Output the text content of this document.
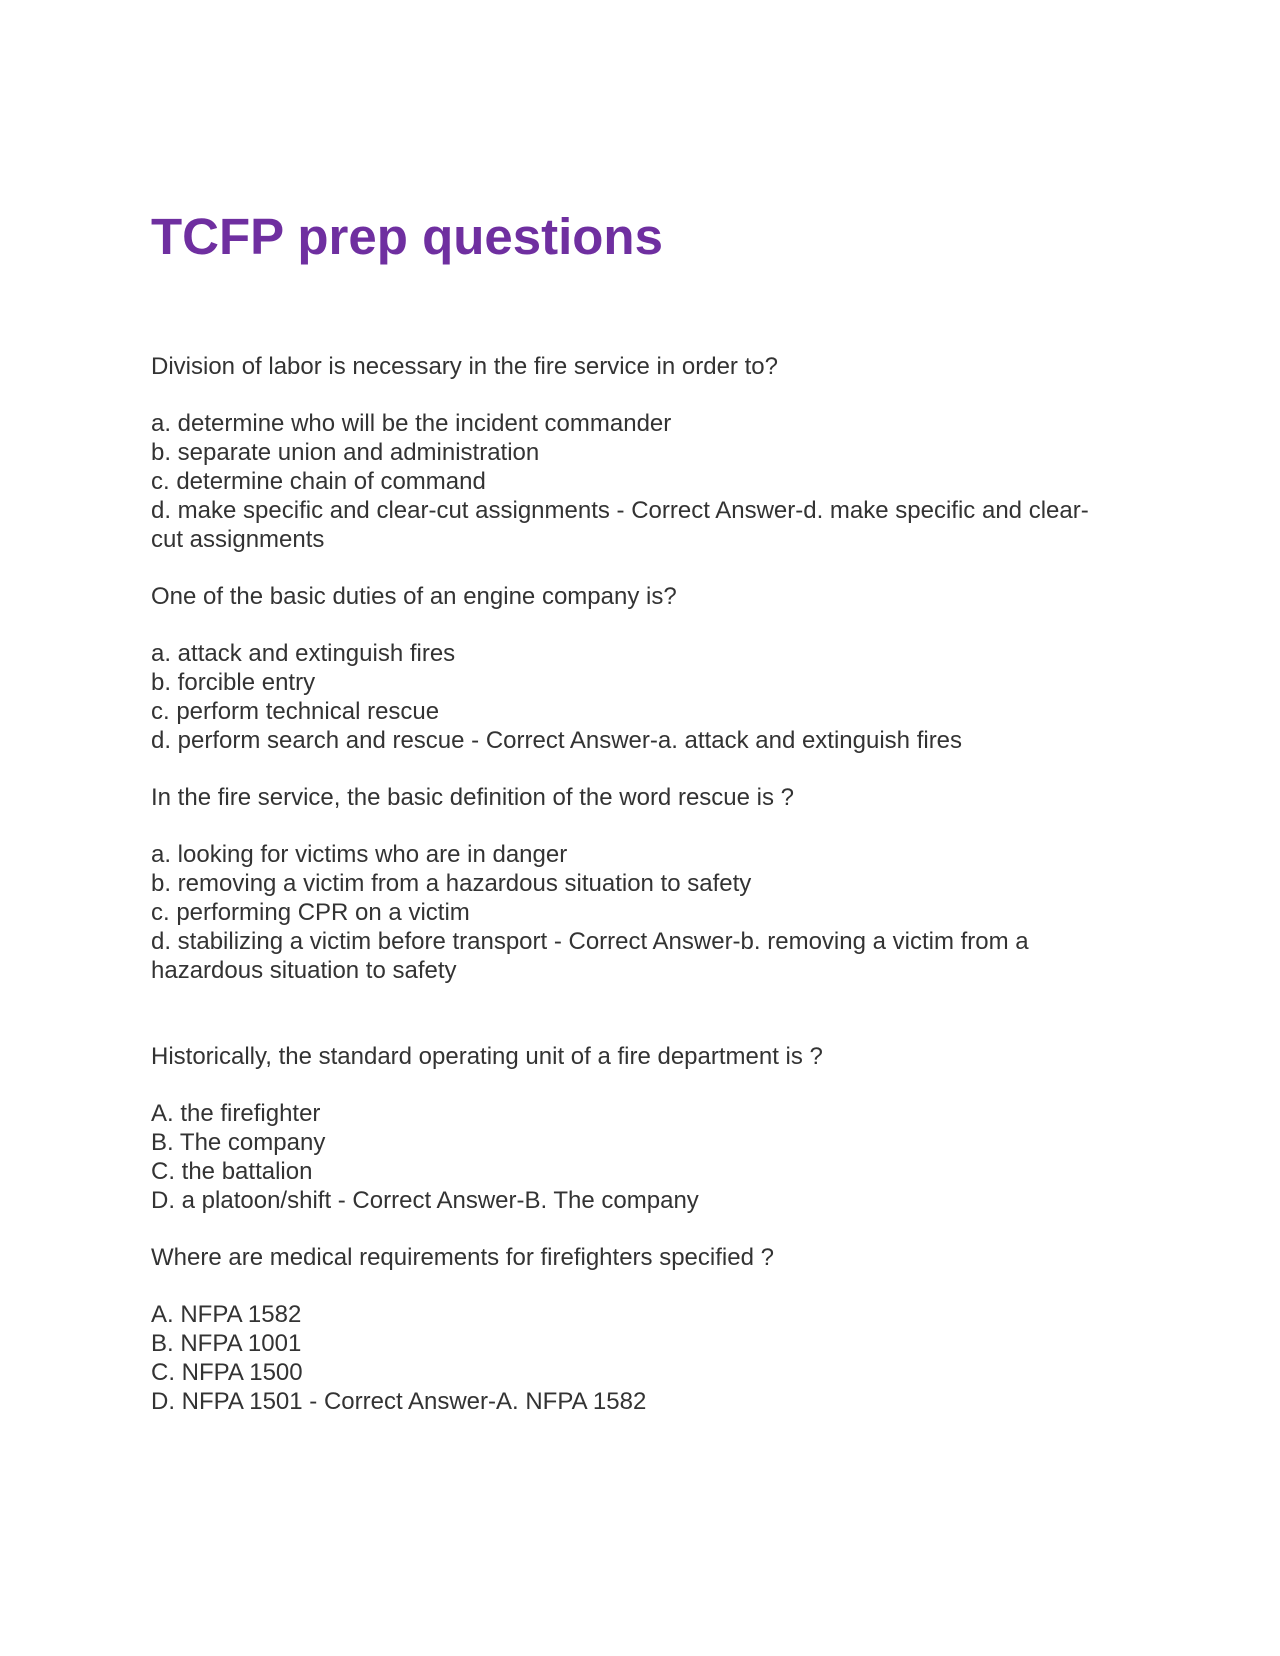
TCFP prep questions

Division of labor is necessary in the fire service in order to?

a. determine who will be the incident commander
b. separate union and administration
c. determine chain of command
d. make specific and clear-cut assignments - Correct Answer-d. make specific and clear-cut assignments

One of the basic duties of an engine company is?

a. attack and extinguish fires
b. forcible entry
c. perform technical rescue
d. perform search and rescue - Correct Answer-a. attack and extinguish fires

In the fire service, the basic definition of the word rescue is ?

a. looking for victims who are in danger
b. removing a victim from a hazardous situation to safety
c. performing CPR on a victim
d. stabilizing a victim before transport - Correct Answer-b. removing a victim from a hazardous situation to safety

Historically, the standard operating unit of a fire department is ?

A. the firefighter
B. The company
C. the battalion
D. a platoon/shift - Correct Answer-B. The company

Where are medical requirements for firefighters specified ?

A. NFPA 1582
B. NFPA 1001
C. NFPA 1500
D. NFPA 1501 - Correct Answer-A. NFPA 1582
